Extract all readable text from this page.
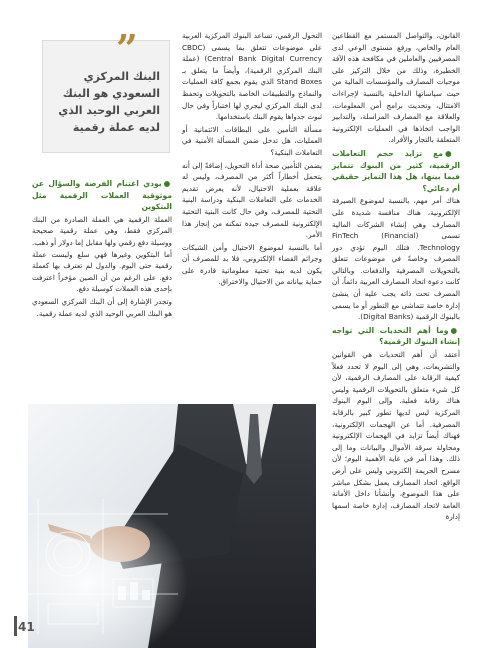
”
البنك المركزي السعودي هو البنك العربي الوحيد الذي لديه عملة رقمية

القانون، والتواصل المستمر مع القطاعين العام والخاص، ورفع مستوى الوعي لدى المصرفيين والعاملين في مكافحة هذه الآفة الخطيرة، وذلك من خلال التركيز على موجبات المصارف والمؤسسات المالية من حيث سياساتها الداخلية بالنسبة لإجراءات الامتثال، وتحديث برامج أمن المعلومات، والعلاقة مع المصارف المراسلة، والتدابير الواجب اتخاذها في العمليات الإلكترونية المتعلقة بالتجار والأفراد.

●مع تزايد حجم التعاملات الرقمية، كثير من البنوك تتمايز فيما بينها، هل هذا التمايز حقيقي أم دعائي؟

هناك أمر مهم، بالنسبة لموضوع الصيرفة الإلكترونية، هناك منافسة شديدة على المصارف وهي إنشاء الشركات المالية تسمى (FinTech (Financial Technology. فتلك اليوم تؤدي دور المصرف وخاصةً في موضوعات تتعلق بالتحويلات المصرفية والدفعات. وبالتالي كانت دعوة اتحاد المصارف العربية دائماً، أن المصرف تحت ذاته يجب عليه أن ينشئ إدارة خاصة تتماشى مع التطور أو ما يسمى بالبنوك الرقمية (Digital Banks).

●وما أهم التحديات التي تواجه إنشاء البنوك الرقمية؟

أعتقد أن أهم التحديات هي القوانين والتشريعات، وهي إلى اليوم لا تحدد فعلاً كيفية الرقابة على المصارف الرقمية، لأن كل شيء متعلق بالتحويلات الرقمية وليس هناك رقابة فعلية. وإلى اليوم البنوك المركزية ليس لديها تطور كبير بالرقابة المصرفية. أما عن الهجمات الإلكترونية، فهناك أيضاً تزايد في الهجمات الإلكترونية ومحاولة سرقة الأموال والبيانات وما إلى ذلك. وهذا أمر في غاية الأهمية اليوم؛ لأن مسرح الجريمة إلكتروني وليس على أرض الواقع. اتحاد المصارف يعمل بشكل مباشر على هذا الموضوع، وأنشأنا داخل الأمانة العامة لاتحاد المصارف، إدارة خاصة اسمها إدارة

التحول الرقمي، تساعد البنوك المركزية العربية على موضوعات تتعلق بما يسمى (CBDC (Central Bank Digital Currency (عملة البنك المركزي الرقمية)، وأيضاً ما يتعلق بـ Stand Boxes الذي يقوم بجمع كافة العمليات والنماذج والتطبيقات الخاصة بالتحويلات وتحفظ لدى البنك المركزي ليجري لها اختباراً وفي حال ثبوت جدواها يقوم البنك باستخدامها.

مسألة التأمين على البطاقات الائتمانية أو العمليات، هل تدخل ضمن المسألة الأمنية في التعاملات البنكية؟

يضمن التأمين صحة أداة التحويل، إضافةً إلى أنه يتحمل أخطاراً أكثر من المصرف، وليس له علاقة بعملية الاحتيال، لأنه يعرض تقديم الخدمات على التعاملات البنكية ودراسة البنية التحتية للمصرف، وفي حال كانت البنية التحتية الإلكترونية للمصرف جيدة تمكنه من إنجاز هذا الأمر.

أما بالنسبة لموضوع الاحتيال وأمن الشبكات وجرائم الفضاء الإلكتروني، فلا بد للمصرف أن يكون لديه بنية تحتية معلوماتية قادرة على حماية بياناته من الاحتيال والاختراق.

●بودي اغتنام الفرصة والسؤال عن موثوقية العملات الرقمية مثل البتكوين

العملة الرقمية هي العملة الصادرة من البنك المركزي فقط، وهي عملة رقمية صحيحة ووسيلة دفع رقمي ولها مقابل إما دولار أو ذهب. أما البتكوين وغيرها فهي سلع وليست عملة رقمية حتى اليوم. والدول لم تعترف بها كعملة دفع. على الرغم من أن الصين مؤخراً اعترفت بإحدى هذه العملات كوسيلة دفع.

وتجدر الإشارة إلى أن البنك المركزي السعودي هو البنك العربي الوحيد الذي لديه عملة رقمية.

41
